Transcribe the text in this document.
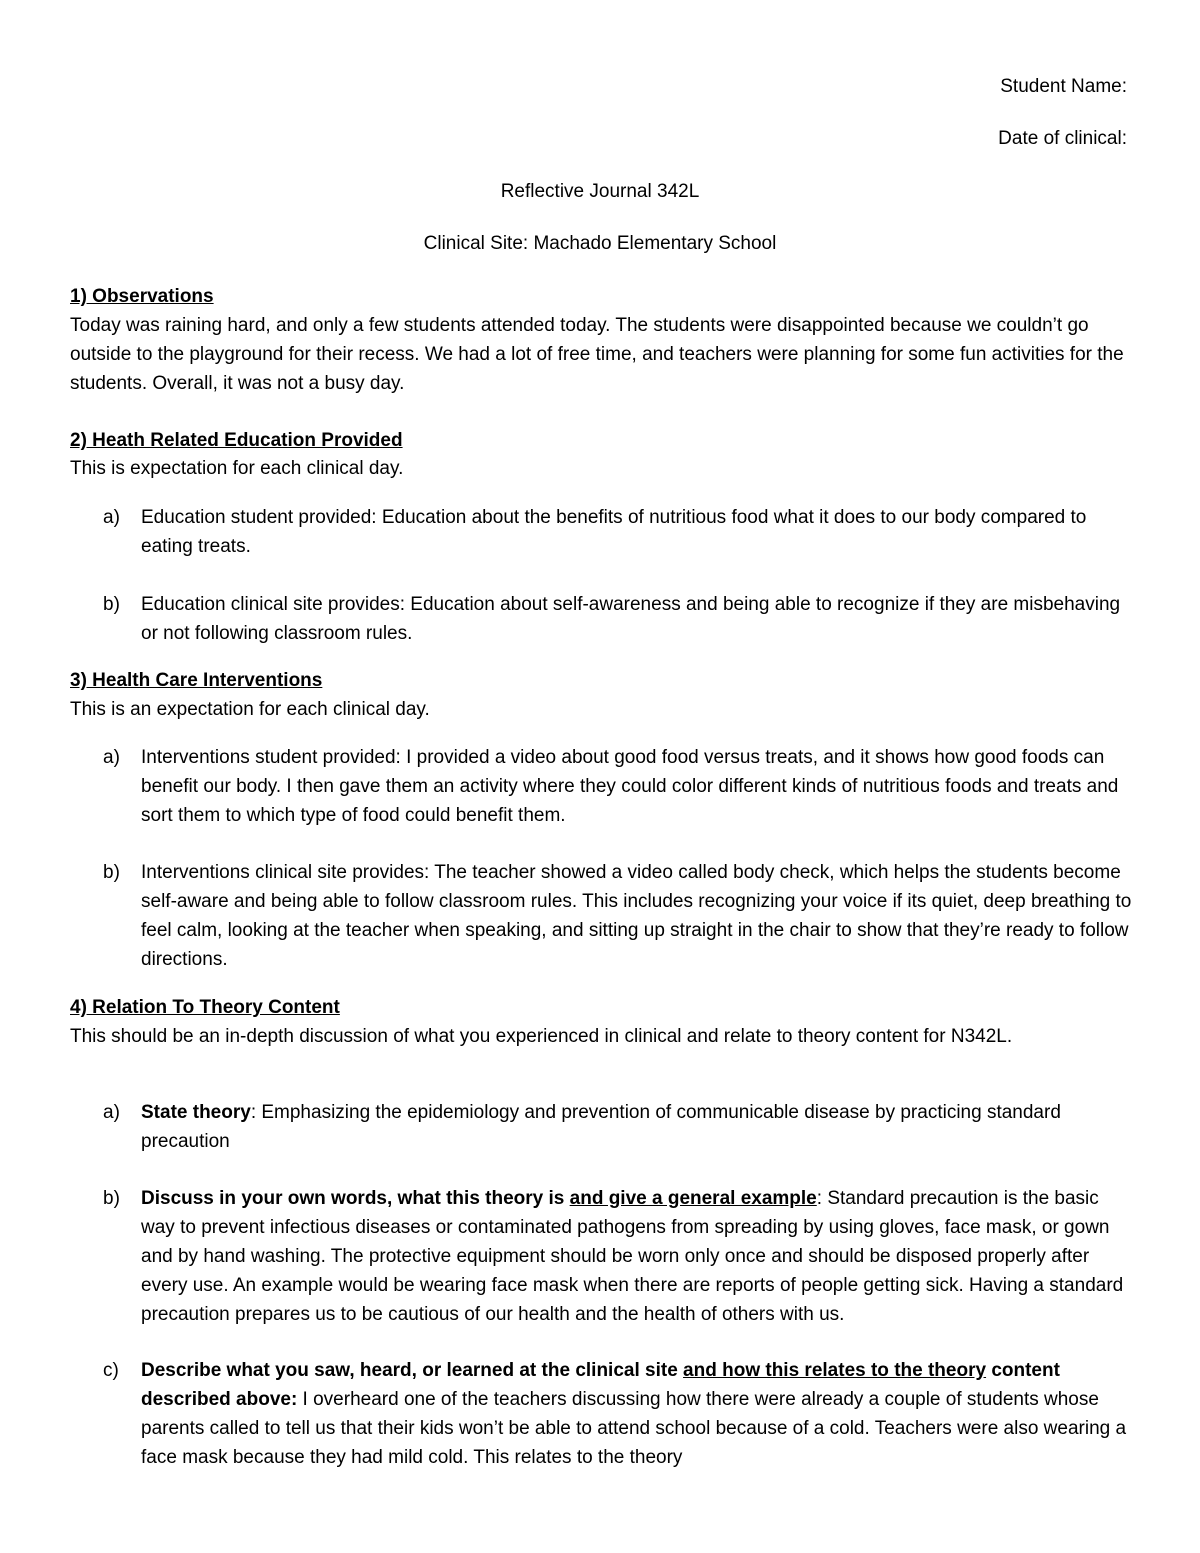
Student Name:

Date of clinical:

Reflective Journal 342L

Clinical Site: Machado Elementary School

1) Observations

Today was raining hard, and only a few students attended today. The students were disappointed because we couldn’t go outside to the playground for their recess. We had a lot of free time, and teachers were planning for some fun activities for the students. Overall, it was not a busy day.

2) Heath Related Education Provided

This is expectation for each clinical day.

a)	Education student provided: Education about the benefits of nutritious food what it does to our body compared to eating treats.
b)	Education clinical site provides: Education about self-awareness and being able to recognize if they are misbehaving or not following classroom rules.

3) Health Care Interventions

This is an expectation for each clinical day.

a)	Interventions student provided: I provided a video about good food versus treats, and it shows how good foods can benefit our body. I then gave them an activity where they could color different kinds of nutritious foods and treats and sort them to which type of food could benefit them.
b)	Interventions clinical site provides: The teacher showed a video called body check, which helps the students become self-aware and being able to follow classroom rules. This includes recognizing your voice if its quiet, deep breathing to feel calm, looking at the teacher when speaking, and sitting up straight in the chair to show that they’re ready to follow directions.

4) Relation To Theory Content

This should be an in-depth discussion of what you experienced in clinical and relate to theory content for N342L.

a)	State theory: Emphasizing the epidemiology and prevention of communicable disease by practicing standard precaution
b)	Discuss in your own words, what this theory is and give a general example: Standard precaution is the basic way to prevent infectious diseases or contaminated pathogens from spreading by using gloves, face mask, or gown and by hand washing. The protective equipment should be worn only once and should be disposed properly after every use. An example would be wearing face mask when there are reports of people getting sick. Having a standard precaution prepares us to be cautious of our health and the health of others with us.
c)	Describe what you saw, heard, or learned at the clinical site and how this relates to the theory content described above: I overheard one of the teachers discussing how there were already a couple of students whose parents called to tell us that their kids won’t be able to attend school because of a cold. Teachers were also wearing a face mask because they had mild cold. This relates to the theory
